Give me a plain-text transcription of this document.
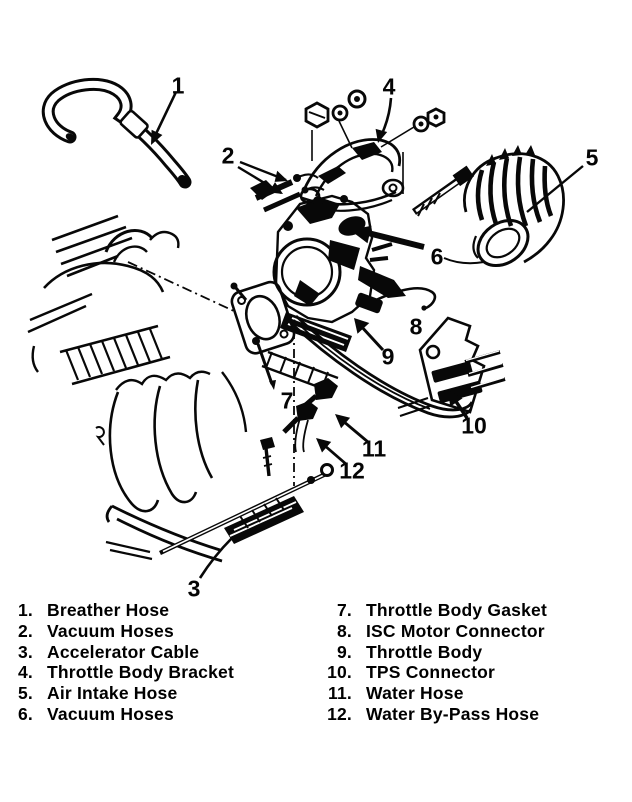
1
2
3
4
5
6
7
8
9
10
11
12
1. Breather Hose
2. Vacuum Hoses
3. Accelerator Cable
4. Throttle Body Bracket
5. Air Intake Hose
6. Vacuum Hoses
7. Throttle Body Gasket
8. ISC Motor Connector
9. Throttle Body
10. TPS Connector
11. Water Hose
12. Water By-Pass Hose
